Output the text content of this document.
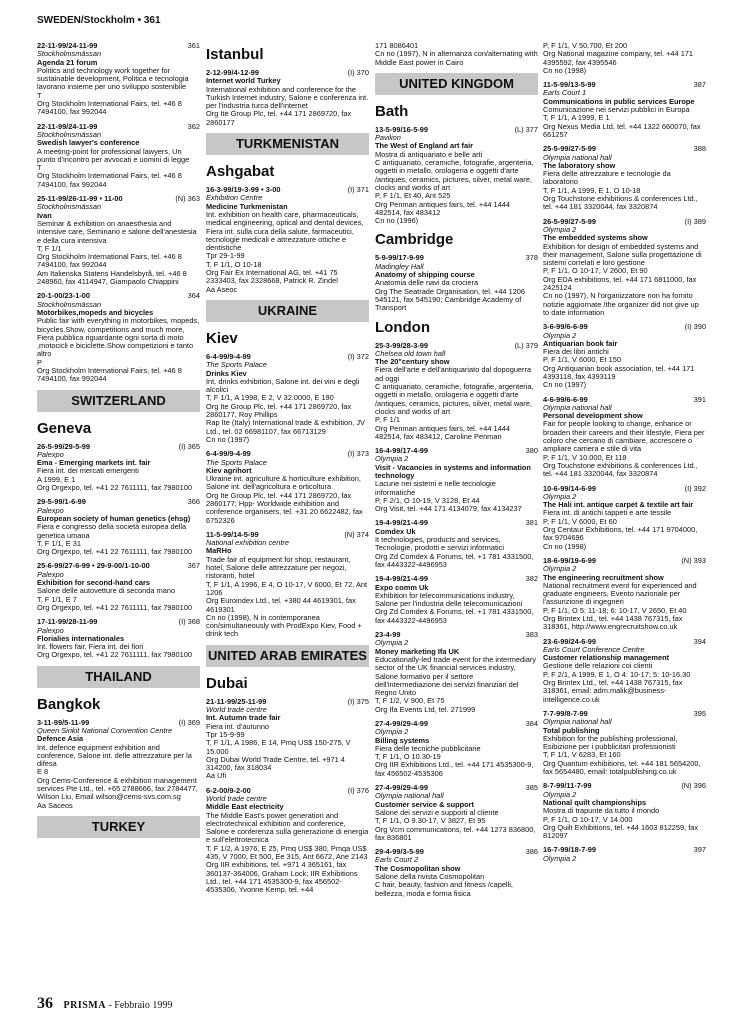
SWEDEN/Stockholm • 361
22-11-99/24-11-99	361
Stockholmsmässan
Agenda 21 forum
Politics and technology work together for sustainable development, Politica e tecnologia lavorano insieme per uno sviluppo sostenibile
T
Org Stockholm International Fairs, tel. +46 8 7494100, fax 992044
22-11-99/24-11-99	362
Stockholmsmässan
Swedish lawyer's conference
A meeting-point for professional lawyers, Un punto d'incontro per avvocati e uomini di legge
T
Org Stockholm International Fairs, tel. +46 8 7494100, fax 992044
25-11-99/26-11-99 • 11-00	(N) 363
Stockholmsmässan
Ivan
Seminar & exhibition on anaesthesia and intensive care, Seminario e salone dell'anestesia e della cura intensiva
T, F 1/1
Org Stockholm International Fairs, tel. +46 8 7494100, fax 992044
Am Italienska Statens Handelsbyrå, tel. +46 8 248960, fax 4114947, Giampaolo Chiappini
20-1-00/23-1-00	364
Stockholmsmässan
Motorbikes,mopeds and bicycles
Public fair with everything in motorbikes, mopeds, bicycles.Show, competitions and much more, Fiera pubblica riguardante ogni sorta di moto ,motocicli e biciclette.Show competizioni e tanto altro
P
Org Stockholm International Fairs, tel. +46 8 7494100, fax 992044
SWITZERLAND
Geneva
26-5-99/29-5-99	(I) 365
Palexpo
Ema - Emerging markets int. fair
Fiera int. dei mercati emergenti
A 1999, E 1
Org Orgexpo, tel. +41 22 7611111, fax 7980100
29-5-99/1-6-99	366
Palexpo
European society of human genetics (ehsg)
Fiera e congresso della società europea della genetica umana
T, F 1/1, E 31
Org Orgexpo, tel. +41 22 7611111, fax 7980100
25-6-99/27-6-99 • 29-9-00/1-10-00	367
Palexpo
Exhibition for second-hand cars
Salone delle autovetture di seconda mano
T, F 1/1, E 7
Org Orgexpo, tel. +41 22 7611111, fax 7980100
17-11-99/28-11-99	(I) 368
Palexpo
Florialies internationales
Int. flowers fair, Fiera int. dei fiori
Org Orgexpo, tel. +41 22 7611111, fax 7980100
THAILAND
Bangkok
3-11-99/5-11-99	(I) 369
Queen Sirikit National Convention Centre
Defence Asia
Int. defence equipment exhibition and conference, Salone int. delle attrezzature per la difesa
E 8
Org Cems-Conference & exhibition management services Pte Ltd., tel. +65 2788666, fax 2784477, Wilson Liu, Email wilson@cems-svs.com.sg
Aa Saceos
TURKEY
Istanbul
2-12-99/4-12-99	(I) 370
Internet world Turkey
International exhibition and conference for the Turkish Internet industry, Salone e conferenza int. per l'industria turca dell'internet
Org Ite Group Plc, tel. +44 171 2869720, fax 2860177
TURKMENISTAN
Ashgabat
16-3-99/19-3-99 • 3-00	(I) 371
Exhibition Centre
Medicine Turkmenistan
Int. exhibition on health care, pharmaceuticals, medical engineering, optical and dental devices, Fiera int. sulla cura della salute, farmaceutici, tecnologie medicali e attrezzature ottiche e dentistiche
Tpr 29-1-99
T, F 1/1, O 10-18
Org Fair Ex International AG, tel. +41 75 2333403, fax 2328668, Patrick R. Zindel
Aa Aseoc
UKRAINE
Kiev
6-4-99/9-4-99	(I) 372
The Sports Palace
Drinks Kiev
Int. drinks exhibition, Salone int. dei vini e degli alcolici
T, F 1/1, A 1998, E 2, V 32.0000, E 190
Org Ite Group Plc, tel. +44 171 2869720, fax 2860177, Roy Phillips
Rap Ite (Italy) International trade & exhibition, JV Ltd., tel. 02 66981107, fax 66713129
Cn no (1997)
6-4-99/9-4-99	(I) 373
The Sports Palace
Kiev agrihort
Ukraine int. agriculture & horticulture exhibition, Salone int. dell'agricoltura e orticoltura
Org Ite Group Plc, tel. +44 171 2869720, fax 2860177; Hpp- Worldwide exhibition and conference organisers, tel. +31 20 6622482, fax 6752326
11-5-99/14-5-99	(N) 374
National exhibition centre
MaRHo
Trade fair of equipment for shop, restaurant, hotel, Salone delle attrezzature per negozi, ristoranti, hotel
T, F 1/1, A 1996, E 4, O 10-17, V 6000, Et 72, Ant 1206
Org Euroindex Ltd., tel. +380 44 4619301, fax 4619301
Cn no (1998), N in contemporanea con/simultaneously with ProdExpo Kiev, Food + drink tech
UNITED ARAB EMIRATES
Dubai
21-11-99/25-11-99	(I) 375
World trade centre
Int. Autumn trade fair
Fiera int. d'autunno
Tpr 15-9-99
T, F 1/1, A 1986, E 14, Pmq US$ 150-275, V 15.000
Org Dubai World Trade Centre, tel. +971 4 314200, fax 318034
Aa Ufi
6-2-00/9-2-00	(I) 376
World trade centre
Middle East electricity
The Middle East's power generation and electrotechnical exhibition and conference, Salone e conferenza sulla generazione di energia e sull'elettrotecnica
T, F 1/2, A 1976, E 25, Pmq US$ 380, Pmqa US$ 435, V 7000, Et 500, Ee 315, Ant 6672, Ane 2143
Org IIR exhibitions, tel. +971 4 365161, fax 360137-364006, Graham Lock; IIR Exhibitions Ltd., tel. +44 171 4535300-9, fax 456502-4535306, Yvonne Kemp, tel. +44
171 8086401
Cn no (1997), N in alternanza con/alternating with Middle East power in Cairo
UNITED KINGDOM
Bath
13-5-99/16-5-99	(L) 377
Pavilion
The West of England art fair
Mostra di antiquariato e belle arti
C antiquariato, ceramiche, fotografie, argenteria, oggetti in metallo, orologeria e oggetti d'arte /antiques, ceramics, pictures, silver, metal ware, clocks and works of art
P, F 1/1, Et 40, Ant 525
Org Penman antiques fairs, tel. +44 1444 482514, fax 483412
Cn no (1996)
Cambridge
5-9-99/17-9-99	378
Madingley Hall
Anatomy of shipping course
Anatomia delle navi da crociera
Org The Seatrade Organisation, tel. +44 1206 545121, fax 545190; Cambridge Academy of Transport
London
25-3-99/28-3-99	(L) 379
Chelsea old town hall
The 20"century show
Fiera dell'arte e dell'antiquariato dal dopoguerra ad oggi
C antiquariato, ceramiche, fotografie, argenteria, oggetti in metallo, orologeria e oggetti d'arte /antiques, ceramics, pictures, silver, metal ware, clocks and works of art
P, F 1/1
Org Penman antiques fairs, tel. +44 1444 482514, fax 483412, Caroline Penman
16-4-99/17-4-99	380
Olympia 2
Visit - Vacancies in systems and information technology
Lacune nei sistemi e nelle tecnologie informatiche
P, F 2/1, O 10-19, V 3128, Et 44
Org Visit, tel. +44 171 4134079, fax 4134237
19-4-99/21-4-99	381
Comdex Uk
It technologies, products and services, Tecnologie, prodotti e servizi informatici
Org Zd Comdex & Forums, tel. +1 781 4331500, fax 4443322-4496953
19-4-99/21-4-99	382
Expo comm Uk
Exhibition for telecommunications industry, Salone per l'industria delle telecomunicazioni
Org Zd Comdex & Forums, tel. +1 781 4331500, fax 4443322-4496953
23-4-99	383
Olympia 2
Money marketing Ifa UK
Educationally-led trade event for the intermediary sector of the UK financial services industry, Salone formativo per il settore dell'intermediazione dei servizi finanziari del Regno Unito
T, F 1/2, V 900, Et 75
Org Ifa Events Ltd, tel. 271999
27-4-99/29-4-99	384
Olympia 2
Billing systems
Fiera delle tecniche pubblicitarie
T, F 1/1, O 10.30-19
Org IIR Exhibitions Ltd., tel. +44 171 4535300-9, fax 456502-4535306
27-4-99/29-4-99	385
Olympia national hall
Customer service & support
Salone dei servizi e supporti al cliente
T, F 1/1, O 9.30-17, V 3827, Et 95
Org Vcm communications, tel. +44 1273 836800, fax 836801
29-4-99/3-5-99	386
Earls Court 2
The Cosmopolitan show
Salone della rivista Cosmopolitan
C hair, beauty, fashion and fitness /capelli, bellezza, moda e forma fisica
P, F 1/1, V 50.700, Et 200
Org National magazine company, tel. +44 171 4395592, fax 4395546
Cn no (1998)
11-5-99/13-5-99	387
Earls Court 1
Communications in public services Europe
Comunicazione nei servizi pubblici in Europa
T, F 1/1, A 1999, E 1
Org Nexus Media Ltd, tel. +44 1322 660070, fax 661257
25-5-99/27-5-99	388
Olympia national hall
The laboratory show
Fiera delle attrezzature e tecnologie da laboratorio
T, F 1/1, A 1999, E 1, O 10-18
Org Touchstone exhibitions & conferences Ltd., tel. +44 181 3320044, fax 3320874
26-5-99/27-5-99	(I) 389
Olympia 2
The embedded systems show
Exhibition for design of embedded systems and their management, Salone sulla progettazione di sistemi correlati e loro gestione
P, F 1/1, O 10-17, V 2600, Et 90
Org EDA exhibitions, tel. +44 171 6811000, fax 2425124
Cn no (1997), N l'organizzatore non ha fornito notizie aggiornate /the organizer did not give up to date information
3-6-99/6-6-99	(I) 390
Olympia 2
Antiquarian book fair
Fiera dei libri antichi
P, F 1/1, V 6000, Et 150
Org Antiquarian book association, tel. +44 171 4393118, fax 4393119
Cn no (1997)
4-6-99/6-6-99	391
Olympia national hall
Personal development show
Fair for people looking to change, enhance or broaden their careers and their lifestyle, Fiera per coloro che cercano di cambiare, accrescere o ampliare carriera e stile di vita
P, F 1/1, V 10.000, Et 118
Org Touchstone exhibitions & conferences Ltd., tel. +44 181 3320044, fax 3320874
10-6-99/14-6-99	(I) 392
Olympia 2
The Hali int. antique carpet & textile art fair
Fiera int. di antichi tappeti e arte tessile
P, F 1/1, V 6000, Et 60
Org Centaur Exhibitions, tel. +44 171 9704000, fax 9704696
Cn no (1998)
18-6-99/19-6-99	(N) 393
Olympia 2
The engineering recruitment show
National recruitment event for experienced and graduate engineers, Evento nazionale per l'assunzione di ingegneri
P, F 1/1, O 5: 11-18; 6: 10-17, V 2650, Et 40
Org Brintex Ltd., tel. +44 1438 767315, fax 318361, http://www.engrecruitshow.co.uk
23-6-99/24-6-99	394
Earls Court Conference Centre
Customer relationship management
Gestione delle relazioni coi clienti
P, F 2/1, A 1999, E 1, O 4: 10-17; 5: 10-16.30
Org Brintex Ltd., tel. +44 1438 767315, fax 318361, email: adm.malik@business-intelligence.co.uk
7-7-99/8-7-99	395
Olympia national hall
Total publishing
Exhibition for the publishing professional, Esibizione per i pubblicitari professionisti
T, F 1/1, V 6283, Et 160
Org Quantum exhibitions, tel. +44 181 5654200, fax 5654480, email: totalpublishing.co.uk
8-7-99/11-7-99	(N) 396
Olympia 2
National quilt championships
Mostra di trapunte da tutto il mondo
P, F 1/1, O 10-17, V 14.000
Org Quilt Exhibitions, tel. +44 1603 812259, fax 812097
16-7-99/18-7-99	397
Olympia 2
36 PRISMA - Febbraio 1999
